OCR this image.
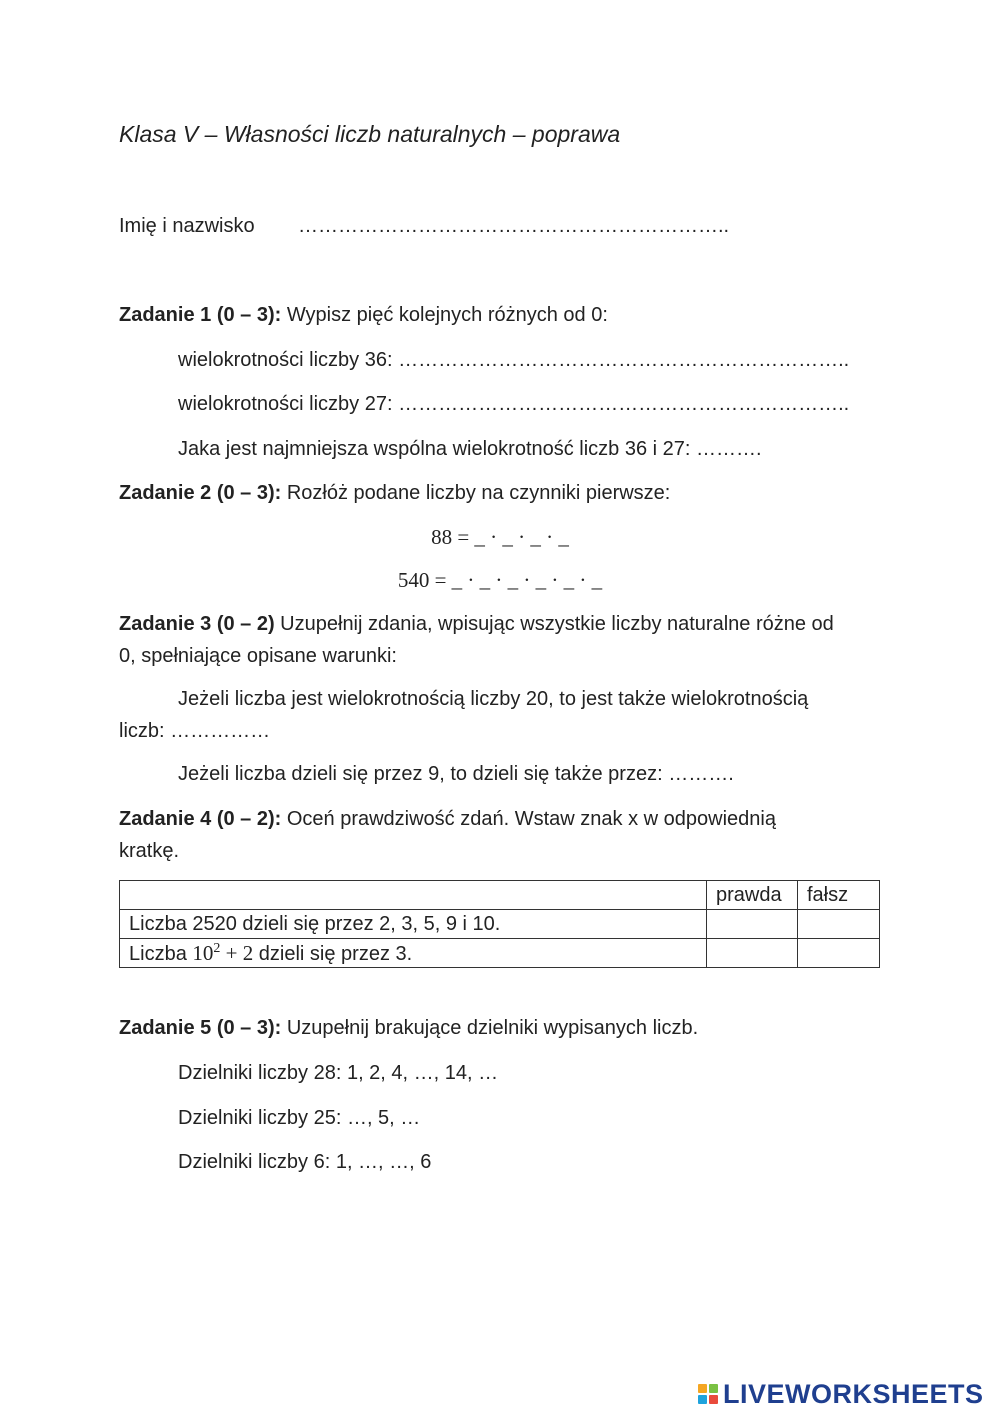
Klasa V – Własności liczb naturalnych – poprawa
Imię i nazwisko ………………………………………………………..
Zadanie 1 (0 – 3): Wypisz pięć kolejnych różnych od 0:
wielokrotności liczby 36: …………………………………………………………..
wielokrotności liczby 27: …………………………………………………………..
Jaka jest najmniejsza wspólna wielokrotność liczb 36 i 27: ……….
Zadanie 2 (0 – 3): Rozłóż podane liczby na czynniki pierwsze:
88 = _ · _ · _ · _
540 = _ · _ · _ · _ · _ · _
Zadanie 3 (0 – 2) Uzupełnij zdania, wpisując wszystkie liczby naturalne różne od
0, spełniające opisane warunki:
Jeżeli liczba jest wielokrotnością liczby 20, to jest także wielokrotnością
liczb: ……………
Jeżeli liczba dzieli się przez 9, to dzieli się także przez: ……….
Zadanie 4 (0 – 2): Oceń prawdziwość zdań. Wstaw znak x w odpowiednią
kratkę.
	prawda	fałsz
Liczba 2520 dzieli się przez 2, 3, 5, 9 i 10.		
Liczba $10^2 + 2$ dzieli się przez 3.		
Zadanie 5 (0 – 3): Uzupełnij brakujące dzielniki wypisanych liczb.
Dzielniki liczby 28: 1, 2, 4, …, 14, …
Dzielniki liczby 25: …, 5, …
Dzielniki liczby 6: 1, …, …, 6
LIVEWORKSHEETS
